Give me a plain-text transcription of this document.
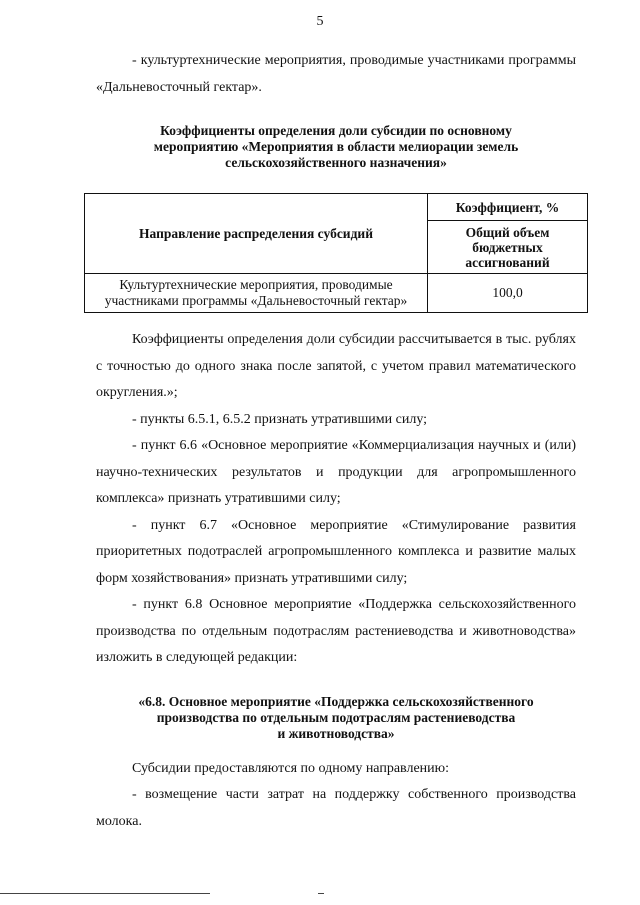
5

- культуртехнические мероприятия, проводимые участниками программы «Дальневосточный гектар».

Коэффициенты определения доли субсидии по основному

мероприятию «Мероприятия в области мелиорации земель

сельскохозяйственного назначения»

Направление распределения субсидий	Коэффициент, %
	Общий объем бюджетных ассигнований
Культуртехнические мероприятия, проводимые участниками программы «Дальневосточный гектар»	100,0

Коэффициенты определения доли субсидии рассчитывается в тыс. рублях с точностью до одного знака после запятой, с учетом правил математического округления.»;

- пункты 6.5.1, 6.5.2 признать утратившими силу;

- пункт 6.6 «Основное мероприятие «Коммерциализация научных и (или) научно-технических результатов и продукции для агропромышленного комплекса» признать утратившими силу;

- пункт 6.7 «Основное мероприятие «Стимулирование развития приоритетных подотраслей агропромышленного комплекса и развитие малых форм хозяйствования» признать утратившими силу;

- пункт 6.8 Основное мероприятие «Поддержка сельскохозяйственного производства по отдельным подотраслям растениеводства и животноводства» изложить в следующей редакции:

«6.8. Основное мероприятие «Поддержка сельскохозяйственного

производства по отдельным подотраслям растениеводства

и животноводства»

Субсидии предоставляются по одному направлению:

- возмещение части затрат на поддержку собственного производства молока.
